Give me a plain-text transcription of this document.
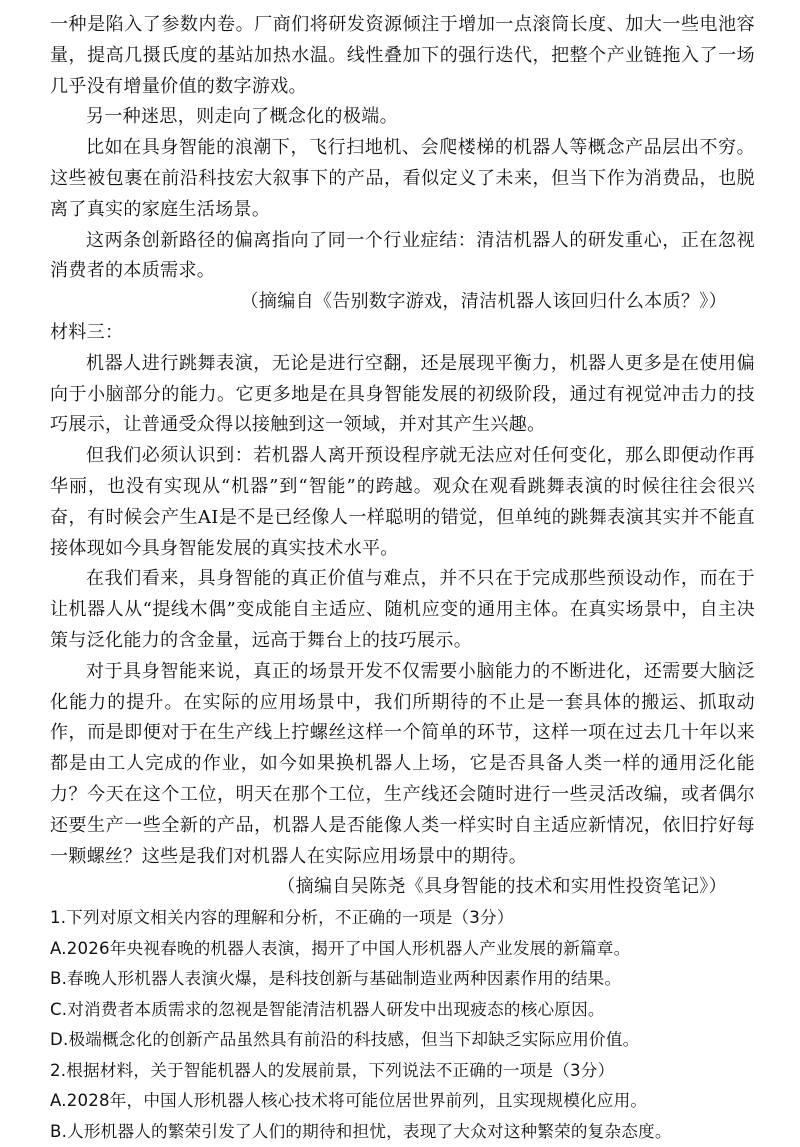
一种是陷入了参数内卷。厂商们将研发资源倾注于增加一点滚筒长度、加大一些电池容量，提高几摄氏度的基站加热水温。线性叠加下的强行迭代，把整个产业链拖入了一场几乎没有增量价值的数字游戏。

另一种迷思，则走向了概念化的极端。

比如在具身智能的浪潮下，飞行扫地机、会爬楼梯的机器人等概念产品层出不穷。这些被包裹在前沿科技宏大叙事下的产品，看似定义了未来，但当下作为消费品，也脱离了真实的家庭生活场景。

这两条创新路径的偏离指向了同一个行业症结：清洁机器人的研发重心，正在忽视消费者的本质需求。

（摘编自《告别数字游戏，清洁机器人该回归什么本质？》）

材料三：

机器人进行跳舞表演，无论是进行空翻，还是展现平衡力，机器人更多是在使用偏向于小脑部分的能力。它更多地是在具身智能发展的初级阶段，通过有视觉冲击力的技巧展示，让普通受众得以接触到这一领域，并对其产生兴趣。

但我们必须认识到：若机器人离开预设程序就无法应对任何变化，那么即便动作再华丽，也没有实现从“机器”到“智能”的跨越。观众在观看跳舞表演的时候往往会很兴奋，有时候会产生AI是不是已经像人一样聪明的错觉，但单纯的跳舞表演其实并不能直接体现如今具身智能发展的真实技术水平。

在我们看来，具身智能的真正价值与难点，并不只在于完成那些预设动作，而在于让机器人从“提线木偶”变成能自主适应、随机应变的通用主体。在真实场景中，自主决策与泛化能力的含金量，远高于舞台上的技巧展示。

对于具身智能来说，真正的场景开发不仅需要小脑能力的不断进化，还需要大脑泛化能力的提升。在实际的应用场景中，我们所期待的不止是一套具体的搬运、抓取动作，而是即便对于在生产线上拧螺丝这样一个简单的环节，这样一项在过去几十年以来都是由工人完成的作业，如今如果换机器人上场，它是否具备人类一样的通用泛化能力？今天在这个工位，明天在那个工位，生产线还会随时进行一些灵活改编，或者偶尔还要生产一些全新的产品，机器人是否能像人类一样实时自主适应新情况，依旧拧好每一颗螺丝？这些是我们对机器人在实际应用场景中的期待。

（摘编自吴陈尧《具身智能的技术和实用性投资笔记》）

1.下列对原文相关内容的理解和分析，不正确的一项是（3分）

A.2026年央视春晚的机器人表演，揭开了中国人形机器人产业发展的新篇章。

B.春晚人形机器人表演火爆，是科技创新与基础制造业两种因素作用的结果。

C.对消费者本质需求的忽视是智能清洁机器人研发中出现疲态的核心原因。

D.极端概念化的创新产品虽然具有前沿的科技感，但当下却缺乏实际应用价值。

2.根据材料，关于智能机器人的发展前景，下列说法不正确的一项是（3分）

A.2028年，中国人形机器人核心技术将可能位居世界前列，且实现规模化应用。

B.人形机器人的繁荣引发了人们的期待和担忧，表现了大众对这种繁荣的复杂态度。
